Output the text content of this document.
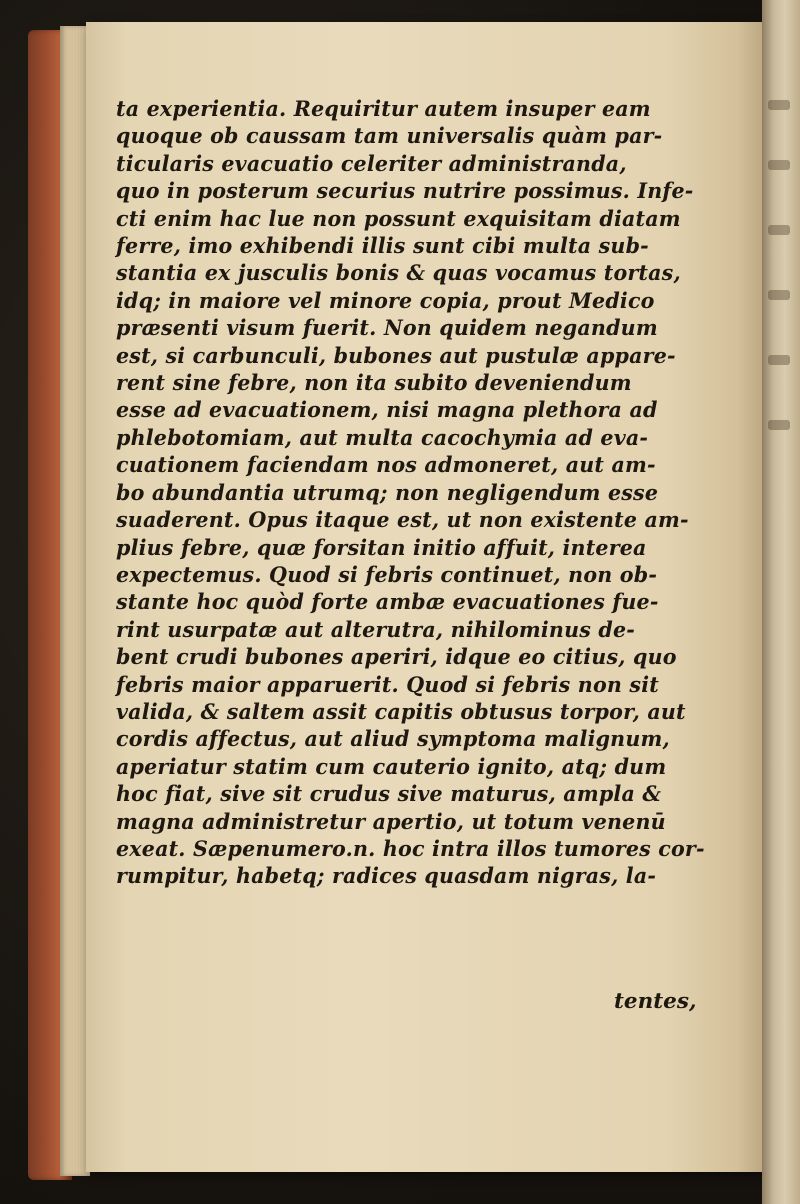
ta experientia. Requiritur autem insuper eam
quoque ob caussam tam universalis quàm par-
ticularis evacuatio celeriter administranda,
quo in posterum securius nutrire possimus. Infe-
cti enim hac lue non possunt exquisitam diatam
ferre, imo exhibendi illis sunt cibi multa sub-
stantia ex jusculis bonis & quas vocamus tortas,
idq; in maiore vel minore copia, prout Medico
præsenti visum fuerit. Non quidem negandum
est, si carbunculi, bubones aut pustulæ appare-
rent sine febre, non ita subito deveniendum
esse ad evacuationem, nisi magna plethora ad
phlebotomiam, aut multa cacochymia ad eva-
cuationem faciendam nos admoneret, aut am-
bo abundantia utrumq; non negligendum esse
suaderent. Opus itaque est, ut non existente am-
plius febre, quæ forsitan initio affuit, interea
expectemus. Quod si febris continuet, non ob-
stante hoc quòd forte ambæ evacuationes fue-
rint usurpatæ aut alterutra, nihilominus de-
bent crudi bubones aperiri, idque eo citius, quo
febris maior apparuerit. Quod si febris non sit
valida, & saltem assit capitis obtusus torpor, aut
cordis affectus, aut aliud symptoma malignum,
aperiatur statim cum cauterio ignito, atq; dum
hoc fiat, sive sit crudus sive maturus, ampla &
magna administretur apertio, ut totum venenū
exeat. Sæpenumero.n. hoc intra illos tumores cor-
rumpitur, habetq; radices quasdam nigras, la-
tentes,
